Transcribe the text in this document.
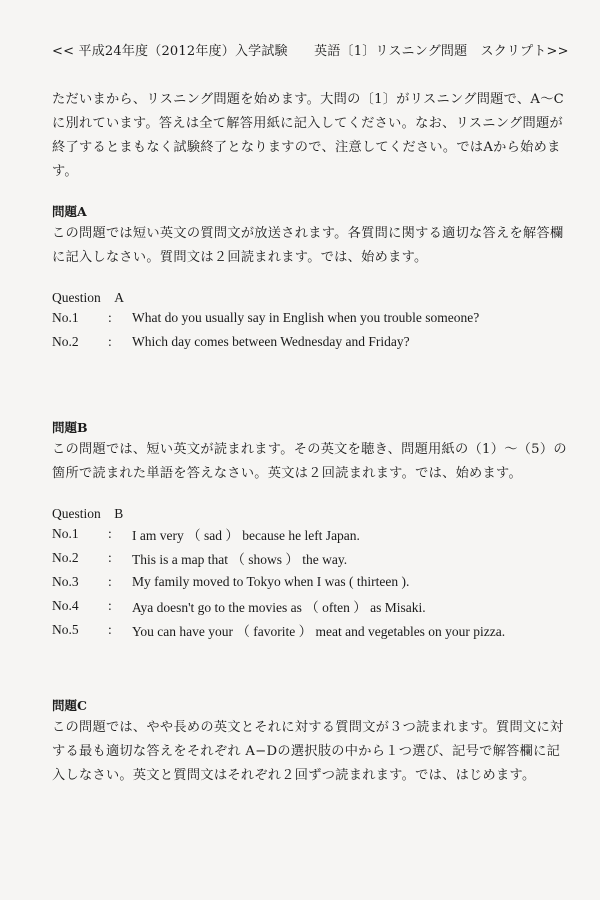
<< 平成24年度（2012年度）入学試験　　英語〔1〕リスニング問題　スクリプト>>
ただいまから、リスニング問題を始めます。大問の〔1〕がリスニング問題で、A〜Cに別れています。答えは全て解答用紙に記入してください。なお、リスニング問題が終了するとまもなく試験終了となりますので、注意してください。ではAから始めます。
問題A
この問題では短い英文の質問文が放送されます。各質問に関する適切な答えを解答欄に記入しなさい。質問文は２回読まれます。では、始めます。
Question　A
No.1	:	What do you usually say in English when you trouble someone?
No.2	:	Which day comes between Wednesday and Friday?
問題B
この問題では、短い英文が読まれます。その英文を聴き、問題用紙の（1）〜（5）の箇所で読まれた単語を答えなさい。英文は２回読まれます。では、始めます。
Question　B
No.1	:	I am very （ sad ） because he left Japan.
No.2	:	This is a map that （ shows ） the way.
No.3	:	My family moved to Tokyo when I was ( thirteen ).
No.4	:	Aya doesn't go to the movies as （ often ） as Misaki.
No.5	:	You can have your （ favorite ） meat and vegetables on your pizza.
問題C
この問題では、やや長めの英文とそれに対する質問文が３つ読まれます。質問文に対する最も適切な答えをそれぞれ A−Dの選択肢の中から１つ選び、記号で解答欄に記入しなさい。英文と質問文はそれぞれ２回ずつ読まれます。では、はじめます。
